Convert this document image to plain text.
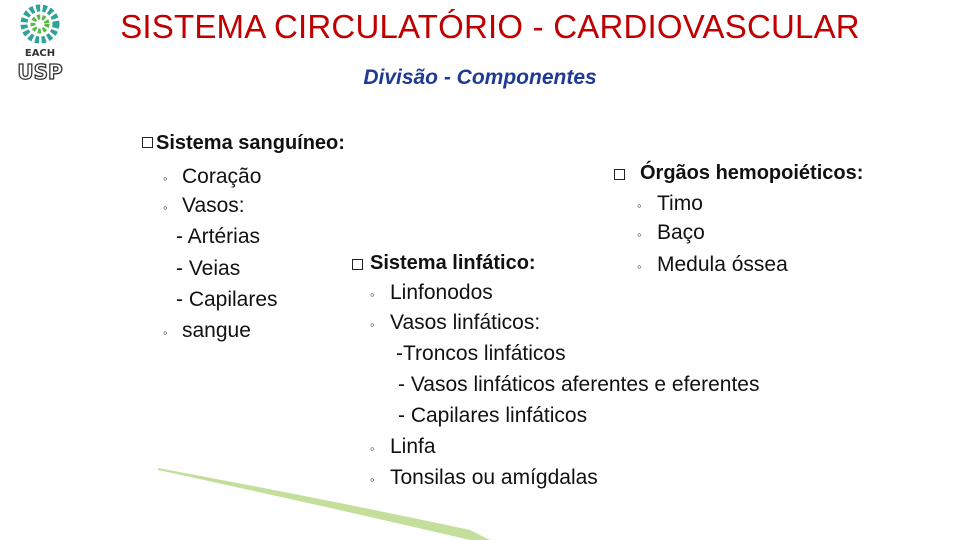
EACH
USP
SISTEMA CIRCULATÓRIO - CARDIOVASCULAR
Divisão - Componentes
Sistema sanguíneo:
◦ Coração
◦ Vasos:
- Artérias
- Veias
- Capilares
◦ sangue
Sistema linfático:
◦ Linfonodos
◦ Vasos linfáticos:
-Troncos linfáticos
- Vasos linfáticos aferentes e eferentes
- Capilares linfáticos
◦ Linfa
◦ Tonsilas ou amígdalas
Órgãos hemopoiéticos:
◦ Timo
◦ Baço
◦ Medula óssea
